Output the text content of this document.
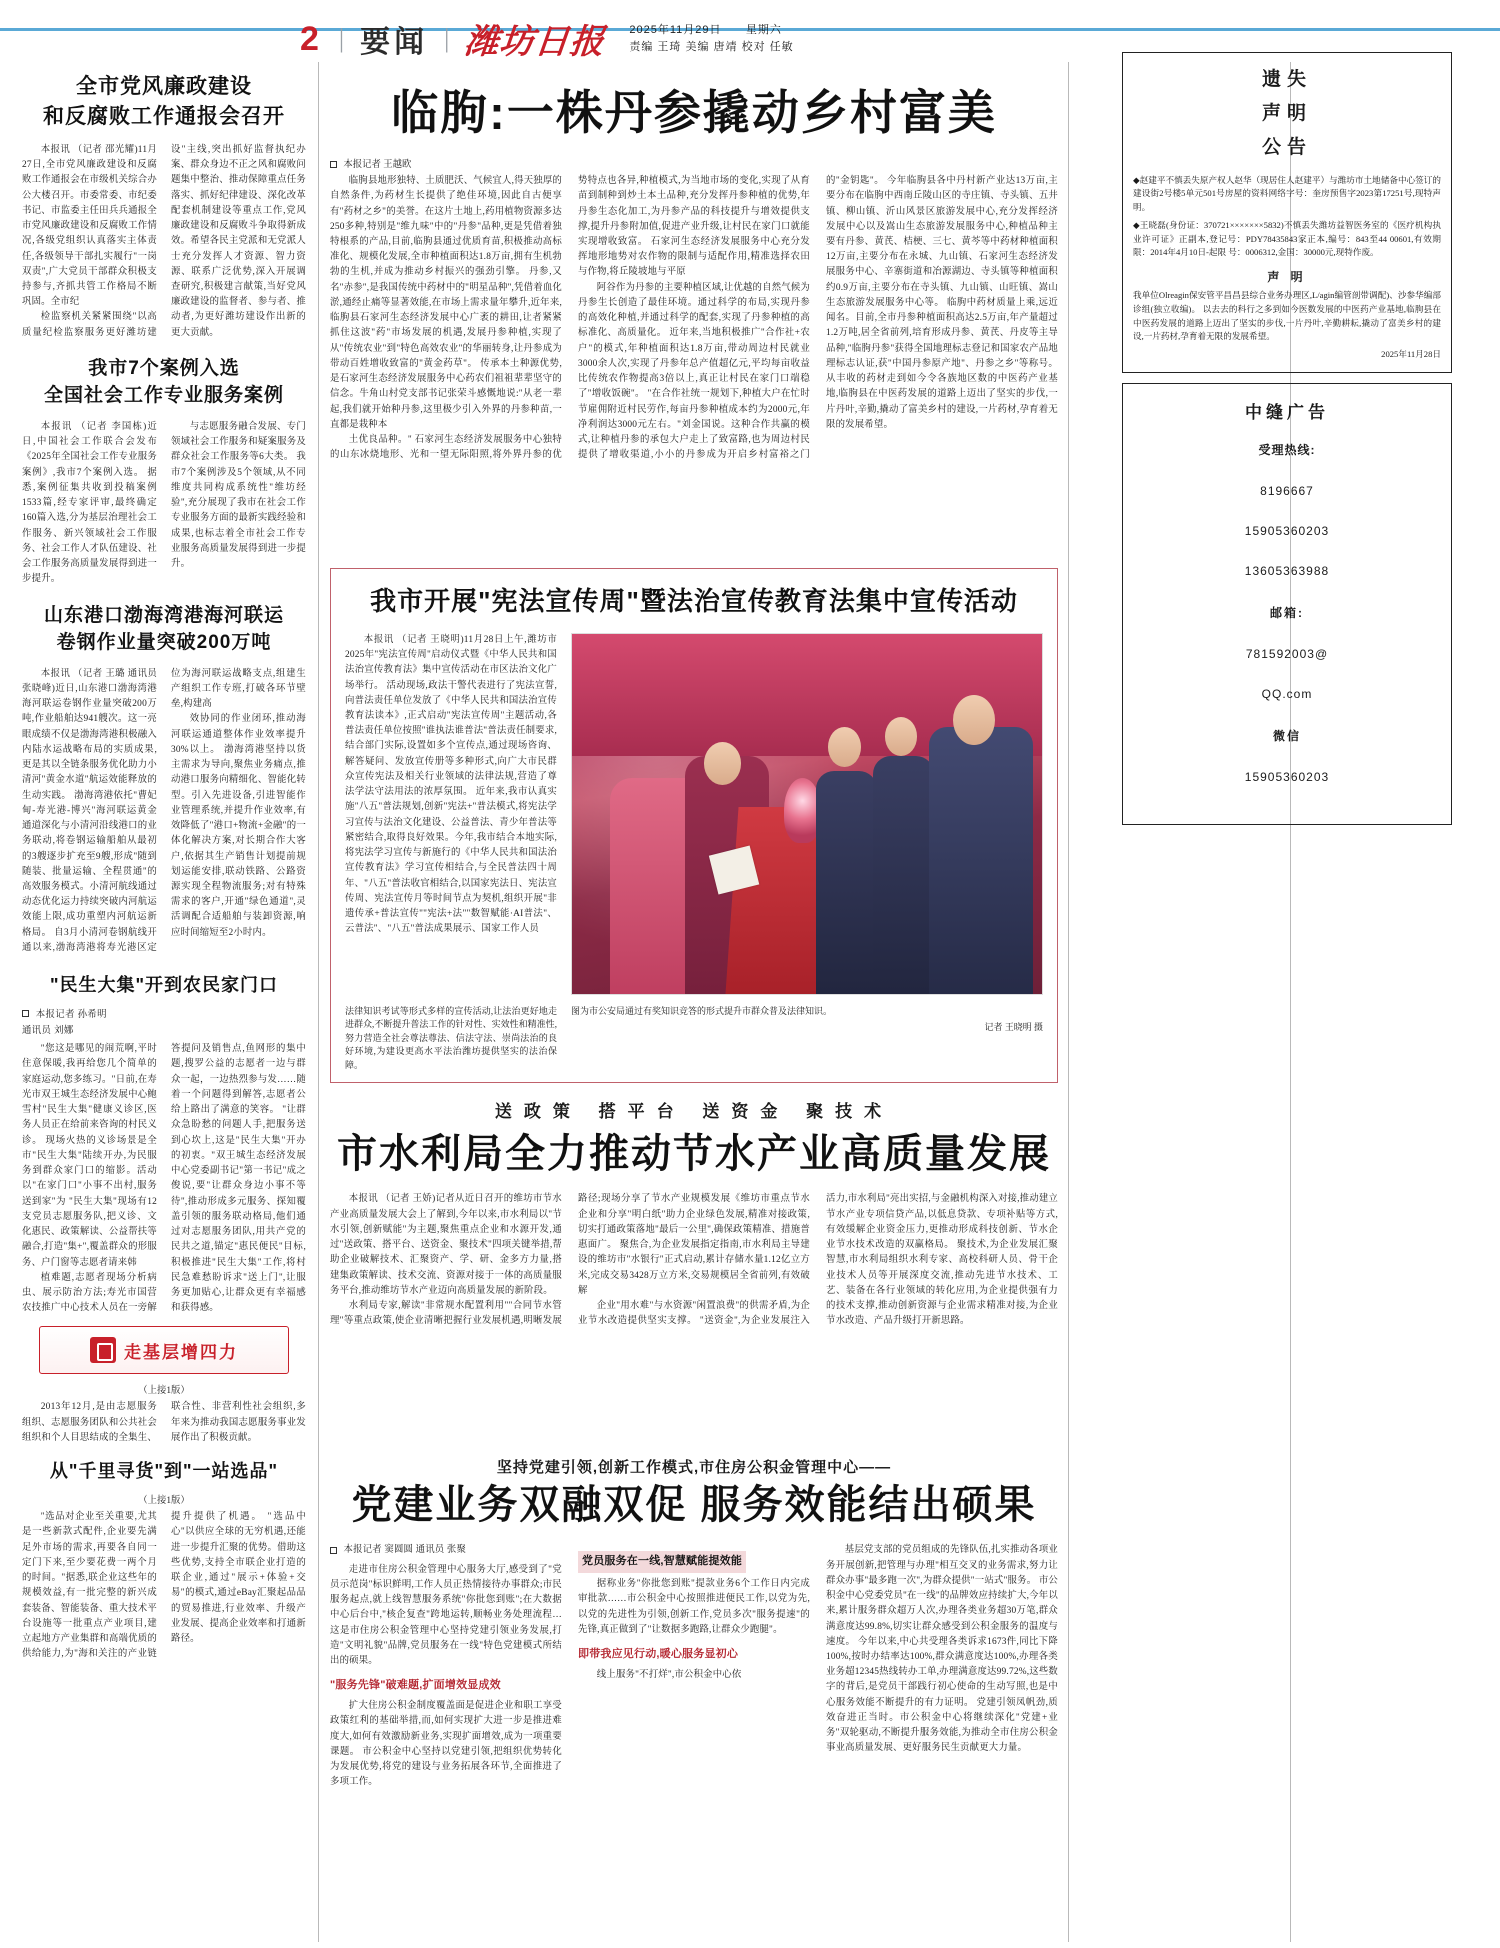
2 | 要闻 | 潍坊日报 2025年11月29日 星期六
责编 王琦 美编 唐靖 校对 任敏
全市党风廉政建设
和反腐败工作通报会召开

本报讯 （记者 邵光耀)11月27日,全市党风廉政建设和反腐败工作通报会在市级机关综合办公大楼召开。市委常委、市纪委书记、市监委主任田兵兵通报全市党风廉政建设和反腐败工作情况,各级党组织认真落实主体责任,各级领导干部扎实履行"一岗双责",广大党员干部群众积极支持参与,齐抓共管工作格局不断巩固。全市纪

检监察机关紧紧围绕"以高质量纪检监察服务更好潍坊建设"主线,突出抓好监督执纪办案、群众身边不正之风和腐败问题集中整治、推动保障重点任务落实、抓好纪律建设、深化改革配套机制建设等重点工作,党风廉政建设和反腐败斗争取得新成效。希望各民主党派和无党派人士充分发挥人才资源、智力资源、联系广泛优势,深入开展调查研究,积极建言献策,当好党风廉政建设的监督者、参与者、推动者,为更好潍坊建设作出新的更大贡献。

我市7个案例入选
全国社会工作专业服务案例

本报讯 （记者 李国栋)近日,中国社会工作联合会发布《2025年全国社会工作专业服务案例》,我市7个案例入选。 据悉,案例征集共收到投稿案例1533篇,经专家评审,最终确定160篇入选,分为基层治理社会工作服务、新兴领域社会工作服务、社会工作人才队伍建设、社会工作服务高质量发展得到进一步提升。

与志愿服务融合发展、专门领域社会工作服务和疑案服务及群众社会工作服务等6大类。 我市7个案例涉及5个领域,从不同维度共同构成系统性"维坊经验",充分展现了我市在社会工作专业服务方面的最新实践经验和成果,也标志着全市社会工作专业服务高质量发展得到进一步提升。

山东港口渤海湾港海河联运
卷钢作业量突破200万吨

本报讯 （记者 王璐 通讯员 张晓峰)近日,山东港口渤海湾港海河联运卷钢作业量突破200万吨,作业船舶达941艘次。这一亮眼成绩不仅是渤海湾港积极融入内陆水运战略布局的实质成果,更是其以全链条服务优化助力小清河"黄金水道"航运效能释放的生动实践。 渤海湾港依托"曹妃甸-寿光港-博兴"海河联运黄金通道深化与小清河沿线港口的业务联动,将卷钢运输船舶从最初的3艘逐步扩充至9艘,形成"随到随装、批量运输、全程贯通"的高效服务模式。小清河航线通过动态优化运力持续突破内河航运效能上限,成功重塑内河航运新格局。 自3月小清河卷钢航线开通以来,渤海湾港将寿光港区定位为海河联运战略支点,组建生产组织工作专班,打破各环节壁垒,构建高

效协同的作业闭环,推动海河联运通道整体作业效率提升30%以上。 渤海湾港坚持以货主需求为导向,聚焦业务痛点,推动港口服务向精细化、智能化转型。引入先进设备,引进智能作业管理系统,并提升作业效率,有效降低了"港口+物流+金融"的一体化解决方案,对长期合作大客户,依据其生产销售计划提前规划运能安排,联动铁路、公路资源实现全程物流服务;对有特殊需求的客户,开通"绿色通道",灵活调配合适船舶与装卸资源,响应时间缩短至2小时内。

"民生大集"开到农民家门口
本报记者 孙希明
通讯员 刘娜

"您这是哪见的闹荒啊,平时住意保暖,我再给您几个简单的家庭运动,您多练习。"日前,在寿光市双王城生态经济发展中心鲍雪村"民生大集"健康义诊区,医务人员正在给前来咨询的村民义诊。 现场火热的义诊场景是全市"民生大集"陆续开办,为民服务到群众家门口的缩影。活动以"在家门口"小事不出村,服务送到家"为 "民生大集"现场有12支党员志愿服务队,把义诊、文化惠民、政策解读、公益帮扶等融合,打造"集+",覆盖群众的形服务、户门窗等志愿者请来韩

植难题,志愿者现场分析病虫、展示防治方法;寿光市国营农技推广中心技术人员在一旁解答提问及销售点,鱼网形的集中题,搜罗公益的志愿者一边与群众一起，一边热烈参与发……随着一个问题得到解答,志愿者公给上路出了满意的笑容。 "让群众急盼愁的问题人手,把服务送到心坎上,这是"民生大集"开办的初衷。"双王城生态经济发展中心党委副书记"第一书记"成之俊说,要"让群众身边小事不等待",推动形成多元服务、探知覆盖引领的服务联动格局,他们通过对志愿服务团队,用共产党的民共之道,锚定"惠民便民"目标,积极推进"民生大集"工作,将村民急难愁盼诉求"送上门",让服务更加贴心,让群众更有幸福感和获得感。

走基层增四力
（上接1版）

2013年12月,是由志愿服务组织、志愿服务团队和公共社会组织和个人目思结成的全集生、联合性、非营利性社会组织,多年来为推动我国志愿服务事业发展作出了积极贡献。

从"千里寻货"到"一站选品"
（上接1版）

"选品对企业至关重要,尤其是一些新款式配件,企业要先满足外市场的需求,再要各自同一定门下来,至少要花费一两个月的时间。"据悉,联企业这些年的规模效益,有一批完整的新兴成套装备、智能装备、重大技术平台设施等一批重点产业项目,建立起地方产业集群和高端优质的供给能力,为"海和关注的产业链提升提供了机遇。 "选品中心"以供应全球的无穷机遇,还能进一步提升汇聚的优势。借助这些优势,支持全市联企业打造的联企业,通过"展示+体验+交易"的模式,通过eBay汇聚起品品的贸易推进,行业效率、升级产业发展、提高企业效率和打通新路径。

临朐:一株丹参撬动乡村富美
本报记者 王越欧

临朐县地形独特、土质肥沃、气候宜人,得天独厚的自然条件,为药材生长提供了绝佳环境,因此自古便享有"药材之乡"的美誉。在这片土地上,药用植物资源多达250多种,特别是"维九味"中的"丹参"品种,更是凭借着独特根系的产品,目前,临朐县通过优质育苗,积极推动高标准化、规模化发展,全市种植面积达1.8万亩,拥有生机勃勃的生机,并成为推动乡村振兴的强劲引擎。 丹参,又名"赤参",是我国传统中药材中的"明星品种",凭借着血化淤,通经止痛等显著效能,在市场上需求量年攀升,近年来,临朐县石家河生态经济发展中心广袤的耕田,让者紧紧抓住这波"药"市场发展的机遇,发展丹参种植,实现了从"传统农业"到"特色高效农业"的华丽转身,让丹参成为带动百姓增收致富的"黄金药草"。 传承本土种源优势,是石家河生态经济发展服务中心药农们祖祖辈辈坚守的信念。牛角山村党支部书记张荣斗感慨地说:"从老一辈起,我们就开始种丹参,这里极少引入外界的丹参种苗,一直都是栽种本

土优良品种。" 石家河生态经济发展服务中心独特的山东冰烧地形、光和一望无际阳照,将外界丹参的优势特点也各异,种植模式,为当地市场的变化,实现了从育苗到制种到炒土本土品种,充分发挥丹参种植的优势,年丹参生态化加工,为丹参产品的科技提升与增效提供支撑,提升丹参附加值,促进产业升级,让村民在家门口就能实现增收致富。 石家河生态经济发展服务中心充分发挥地形地势对农作物的限制与适配作用,精准选择农田与作物,将丘陵坡地与平原

阿谷作为丹参的主要种植区域,让优越的自然气候为丹参生长创造了最佳环境。通过科学的布局,实现丹参的高效化种植,并通过科学的配套,实现了丹参种植的高标准化、高质量化。 近年来,当地积极推广"合作社+农户"的模式,年种植面积达1.8万亩,带动周边村民就业3000余人次,实现了丹参年总产值超亿元,平均每亩收益比传统农作物提高3倍以上,真正让村民在家门口端稳了"增收饭碗"。 "在合作社统一规划下,种植大户在忙时节雇佣附近村民劳作,每亩丹参种植成本约为2000元,年净利润达3000元左右。"刘金国说。这种合作共赢的模式,让种植丹参的承包大户走上了致富路,也为周边村民提供了增收渠道,小小的丹参成为开启乡村富裕之门的"金钥匙"。 今年临朐县各中丹村新产业达13万亩,主要分布在临朐中西南丘陵山区的寺庄镇、寺头镇、五井镇、柳山镇、沂山风景区旅游发展中心,充分发挥经济发展中心以及嵩山生态旅游发展服务中心,种植品种主要有丹参、黄芪、桔梗、三七、黄芩等中药材种植面积12万亩,主要分布在永城、九山镇、石家河生态经济发展服务中心、辛寨街道和冶源湖边、寺头镇等种植面积约0.9万亩,主要分布在寺头镇、九山镇、山旺镇、嵩山生态旅游发展服务中心等。 临朐中药材质量上乘,远近闻名。目前,全市丹参种植面积高达2.5万亩,年产量超过1.2万吨,居全省前列,培育形成丹参、黄芪、丹皮等主导品种,"临朐丹参"获得全国地理标志登记和国家农产品地理标志认证,获"中国丹参原产地"、丹参之乡"等称号。 从丰收的药材走到如今令各族地区数的中医药产业基地,临朐县在中医药发展的道路上迈出了坚实的步伐,一片丹叶,辛勤,撬动了富美乡村的建设,一片药材,孕育着无限的发展希望。

我市开展"宪法宣传周"暨法治宣传教育法集中宣传活动

本报讯 （记者 王晓明)11月28日上午,潍坊市2025年"宪法宣传周"启动仪式暨《中华人民共和国法治宣传教育法》集中宣传活动在市区法治文化广场举行。 活动现场,政法干警代表进行了宪法宣誓,向普法责任单位发放了《中华人民共和国法治宣传教育法读本》,正式启动"宪法宣传周"主题活动,各普法责任单位按照"谁执法谁普法"普法责任制要求,结合部门实际,设置如多个宣传点,通过现场咨询、解答疑问、发放宣传册等多种形式,向广大市民群众宣传宪法及相关行业领域的法律法规,营造了尊法学法守法用法的浓厚氛围。 近年来,我市认真实施"八五"普法规划,创新"宪法+"普法模式,将宪法学习宣传与法治文化建设、公益普法、青少年普法等紧密结合,取得良好效果。今年,我市结合本地实际,将宪法学习宣传与新施行的《中华人民共和国法治宣传教育法》学习宣传相结合,与全民普法四十周年、"八五"普法收官相结合,以国家宪法日、宪法宣传周、宪法宣传月等时间节点为契机,组织开展"非遗传承+普法宣传""宪法+法""数智赋能·AI普法"、云普法"、"八五"普法成果展示、国家工作人员

法律知识考试等形式多样的宣传活动,让法治更好地走进群众,不断提升普法工作的针对性、实效性和精准性,努力营造全社会尊法尊法、信法守法、崇尚法治的良好环境,为建设更高水平法治潍坊提供坚实的法治保障。
图为市公安局通过有奖知识竞答的形式提升市群众普及法律知识。
记者 王晓明 摄
送政策 搭平台 送资金 聚技术
市水利局全力推动节水产业高质量发展

本报讯 （记者 王娇)记者从近日召开的维坊市节水产业高质量发展大会上了解到,今年以来,市水利局以"节水引领,创新赋能"为主题,聚焦重点企业和水源开发,通过"送政策、搭平台、送资金、聚技术"四项关键举措,帮助企业破解技术、汇聚资产、学、研、金多方力量,搭建集政策解读、技术交流、资源对接于一体的高质量服务平台,推动维坊节水产业迈向高质量发展的新阶段。

水利局专家,解读"非常规水配置利用""合同节水管理"等重点政策,使企业清晰把握行业发展机遇,明晰发展路径;现场分享了节水产业规模发展《维坊市重点节水企业和分享"明白纸"助力企业绿色发展,精准对接政策,切实打通政策落地"最后一公里",确保政策精准、措施普惠面广。 聚焦合,为企业发展指定指南,市水利局主导建设的维坊市"水银行"正式启动,累计存储水量1.12亿立方米,完成交易3428万立方米,交易规模居全省前列,有效破解

企业"用水难"与水资源"闲置浪费"的供需矛盾,为企业节水改造提供坚实支撑。 "送资金",为企业发展注入活力,市水利局"亮出实招,与金融机构深入对接,推动建立节水产业专项信贷产品,以低息贷款、专项补贴等方式,有效缓解企业资金压力,更推动形成科技创新、节水企业节水技术改造的双赢格局。 聚技术,为企业发展汇聚智慧,市水利局组织水利专家、高校科研人员、骨干企业技术人员等开展深度交流,推动先进节水技术、工艺、装备在各行业领域的转化应用,为企业提供强有力的技术支撑,推动创新资源与企业需求精准对接,为企业节水改造、产品升级打开新思路。

坚持党建引领,创新工作模式,市住房公积金管理中心——
党建业务双融双促 服务效能结出硕果
本报记者 窦圆圆 通讯员 张聚

走进市住房公积金管理中心服务大厅,感受到了"党员示范岗"标识鲜明,工作人员正热情接待办事群众;市民服务起点,就上线智慧服务系统"你批您到账";在大数据中心后台中,"核企复查"跨地运转,顺畅业务处理流程…这是市住房公积金管理中心坚持党建引领业务发展,打造"文明礼貌"品牌,党员服务在一线"特色党建模式所结出的硕果。

"服务先锋"破难题,扩面增效显成效

扩大住房公积金制度覆盖面是促进企业和职工享受政策红利的基础举措,而,如何实现扩大进一步是推进难度大,如何有效激励新业务,实现扩面增效,成为一项重要课题。 市公积金中心坚持以党建引领,把组织优势转化为发展优势,将党的建设与业务拓展各环节,全面推进了多项工作。

党员服务在一线,智慧赋能提效能

据称业务"你批您到账"提款业务6个工作日内完成审批款……市公积金中心按照推进便民工作,以党为先,以党的先进性为引领,创新工作,党员多次"服务提速"的先锋,真正做到了"让数据多跑路,让群众少跑腿"。

即带我应见行动,暖心服务显初心

线上服务"不打烊",市公积金中心依

基层党支部的党员组成的先锋队伍,扎实推动各项业务开展创新,把管理与办理"相互交叉的业务需求,努力让群众办事"最多跑一次",为群众提供"一站式"服务。 市公积金中心党委党员"在一线"的品牌效应持续扩大,今年以来,累计服务群众超万人次,办理各类业务超30万笔,群众满意度达99.8%,切实让群众感受到公积金服务的温度与速度。 今年以来,中心共受理各类诉求1673件,同比下降100%,按时办结率达100%,群众满意度达100%,办理各类业务超12345热线转办工单,办理满意度达99.72%,这些数字的背后,是党员干部践行初心使命的生动写照,也是中心服务效能不断提升的有力证明。 党建引领凤帆劲,质效奋进正当时。市公积金中心将继续深化"党建+业务"双轮驱动,不断提升服务效能,为推动全市住房公积金事业高质量发展、更好服务民生贡献更大力量。

遗失
声明
公告

◆赵建平不慎丢失原产权人赵华（现居住人赵建平）与潍坊市土地储备中心签订的建设街2号楼5单元501号房屋的资料网络字号：奎房预售字2023第17251号,现特声明。

◆王晓磊(身份证：370721×××××××5832)不慎丢失潍坊益智医务室的《医疗机构执业许可证》正副本,登记号：PDY78435843家正本,编号：843至44 00601,有效期限：2014年4月10日-起限 号：0006312,金国：30000元,现特作废。

声 明

我单位Olreagin保安管平昌昌县综合业务办理区,L/agin编管剖带调配)、沙参华编部诊组(独立收编)。 以去去的科行之多到如今医数发展的中医药产业基地,临朐县在中医药发展的道路上迈出了坚实的步伐,一片丹叶,辛勤耕耘,撬动了富美乡村的建设,一片药材,孕育着无限的发展希望。

2025年11月28日
中缝广告
受理热线:
8196667
15905360203
13605363988
邮箱:
781592003@
QQ.com
微信
15905360203
